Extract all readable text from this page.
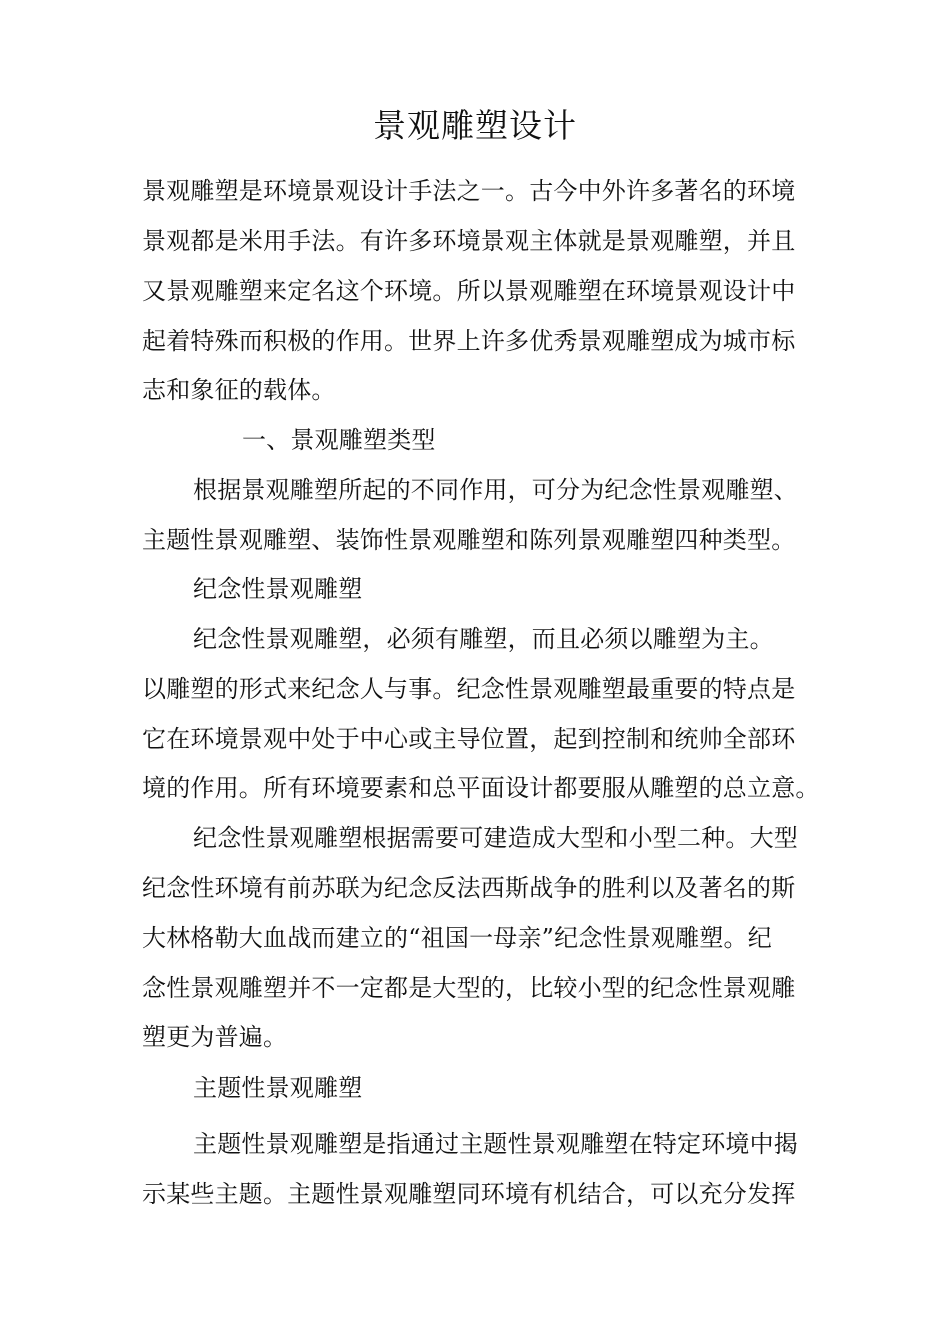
景观雕塑设计
景观雕塑是环境景观设计手法之一。古今中外许多著名的环境
景观都是米用手法。有许多环境景观主体就是景观雕塑，并且
又景观雕塑来定名这个环境。所以景观雕塑在环境景观设计中
起着特殊而积极的作用。世界上许多优秀景观雕塑成为城市标
志和象征的载体。
一、景观雕塑类型
根据景观雕塑所起的不同作用，可分为纪念性景观雕塑、
主题性景观雕塑、装饰性景观雕塑和陈列景观雕塑四种类型。
纪念性景观雕塑
纪念性景观雕塑，必须有雕塑，而且必须以雕塑为主。
以雕塑的形式来纪念人与事。纪念性景观雕塑最重要的特点是
它在环境景观中处于中心或主导位置，起到控制和统帅全部环
境的作用。所有环境要素和总平面设计都要服从雕塑的总立意。
纪念性景观雕塑根据需要可建造成大型和小型二种。大型
纪念性环境有前苏联为纪念反法西斯战争的胜利以及著名的斯
大林格勒大血战而建立的“祖国一母亲”纪念性景观雕塑。纪
念性景观雕塑并不一定都是大型的，比较小型的纪念性景观雕
塑更为普遍。
主题性景观雕塑
主题性景观雕塑是指通过主题性景观雕塑在特定环境中揭
示某些主题。主题性景观雕塑同环境有机结合，可以充分发挥
